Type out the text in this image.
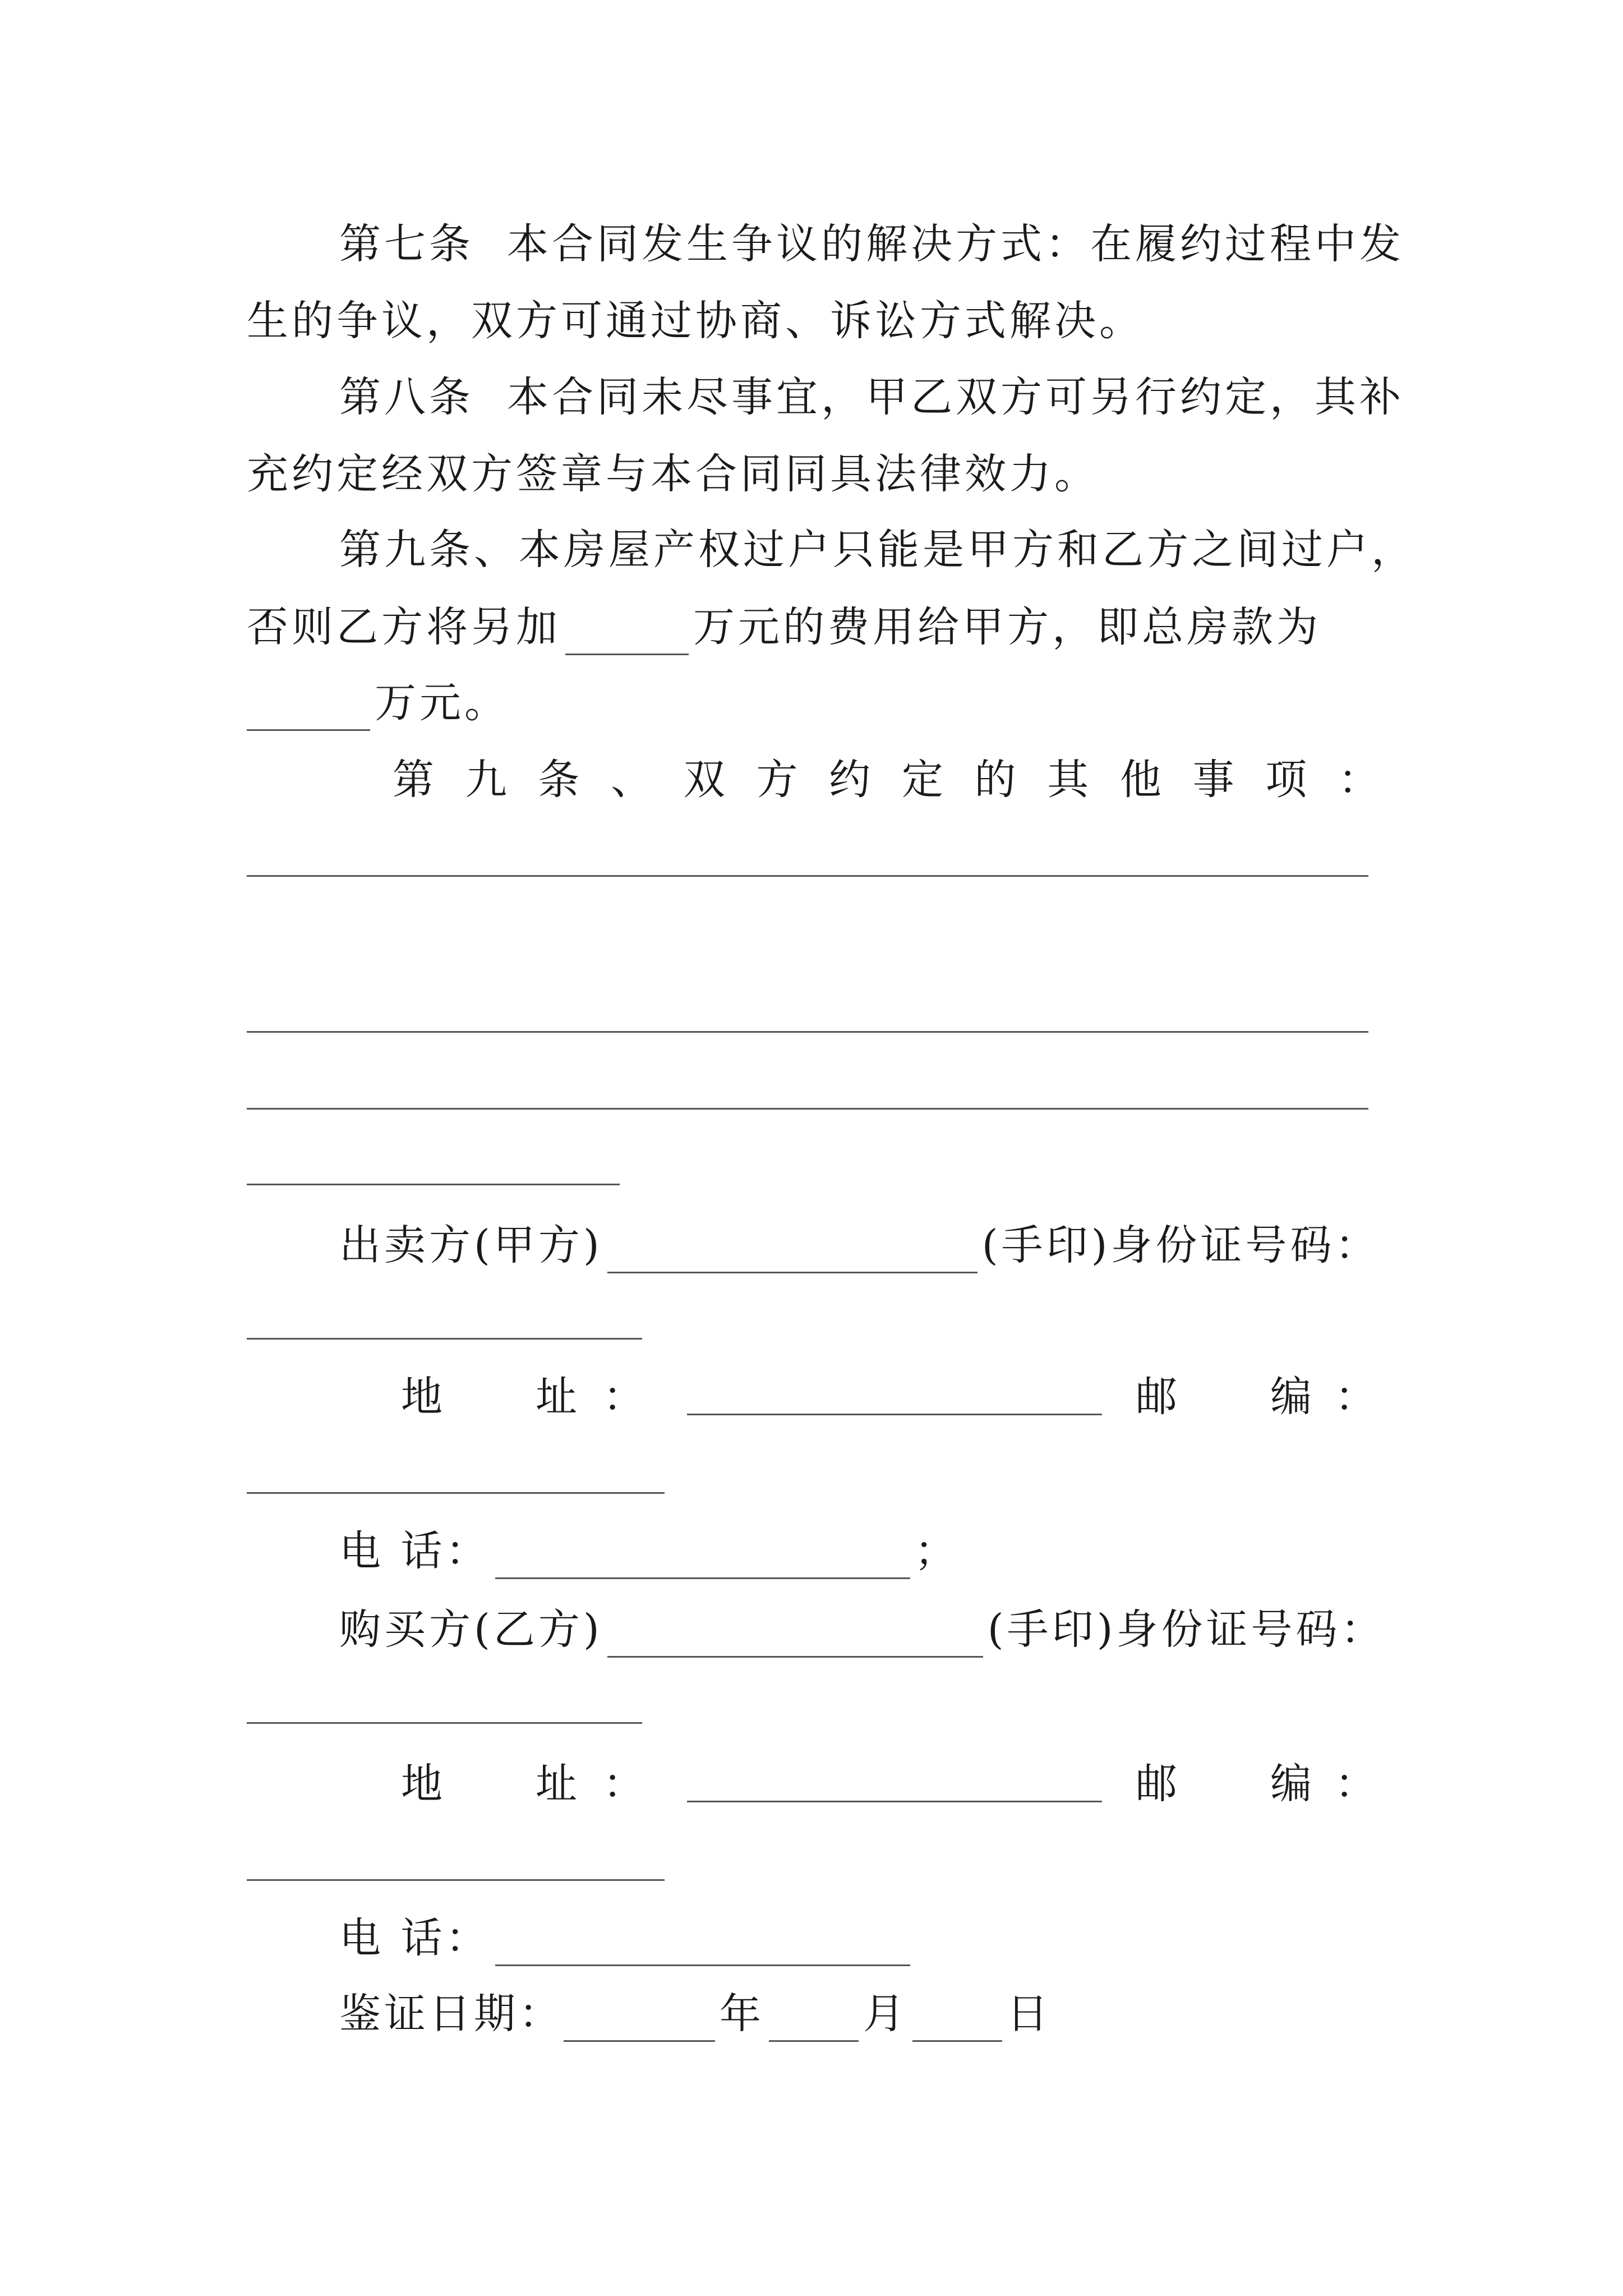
第七条  本合同发生争议的解决方式：在履约过程中发
生的争议，双方可通过协商、诉讼方式解决。
第八条  本合同未尽事宜，甲乙双方可另行约定，其补
充约定经双方签章与本合同同具法律效力。
第九条、本房屋产权过户只能是甲方和乙方之间过户，
否则乙方将另加	万元的费用给甲方，即总房款为
万元。
第 九 条 、 双 方 约 定 的 其 他 事 项 ：
出卖方(甲方)	(手印)身份证号码：
地 址 ：	邮 编 ：
电 话：	；
购买方(乙方)	(手印)身份证号码：
地 址 ：	邮 编 ：
电 话：
鉴证日期：	年 月 日
